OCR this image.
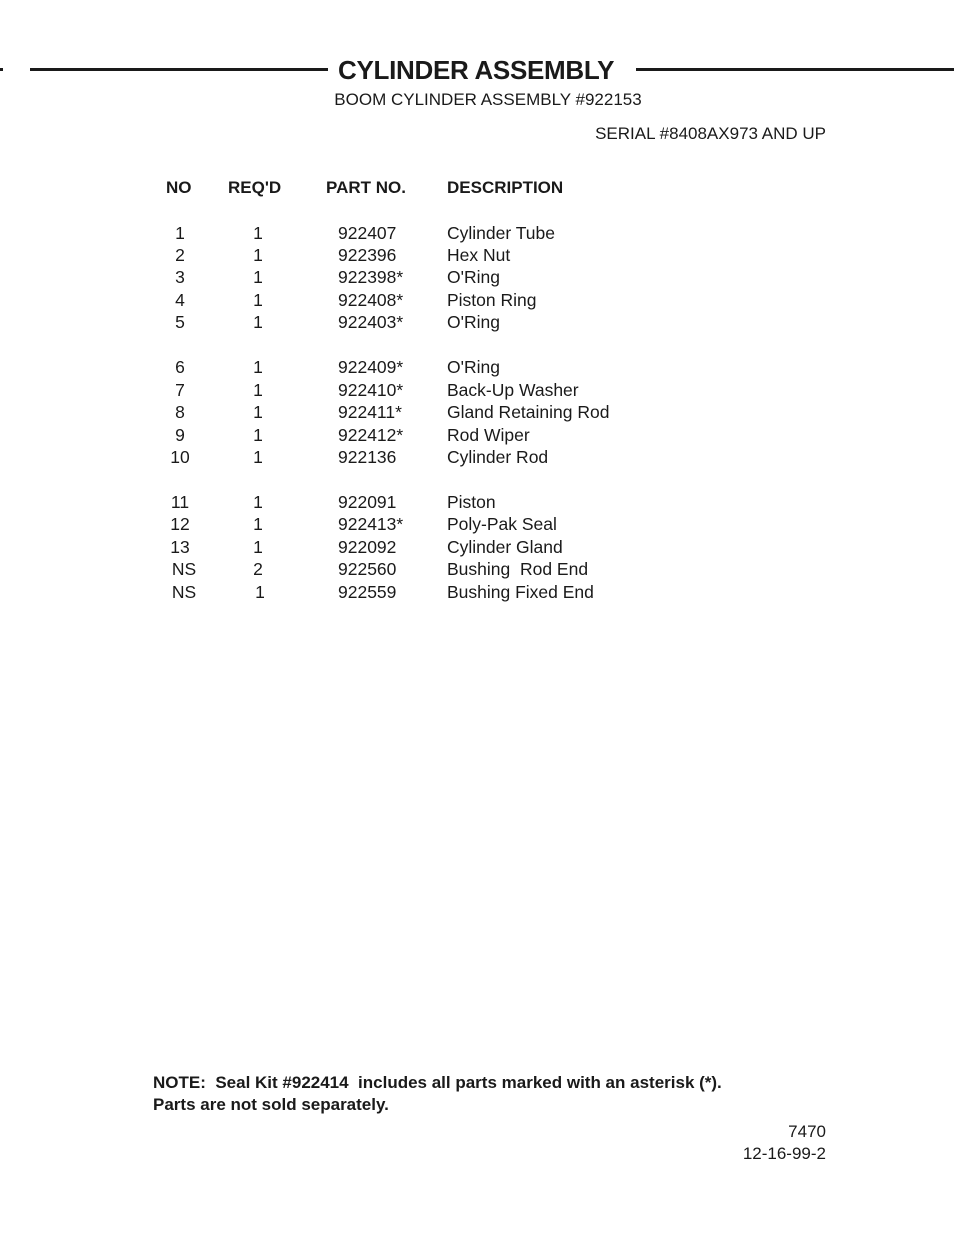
CYLINDER ASSEMBLY
BOOM CYLINDER ASSEMBLY #922153
SERIAL #8408AX973 AND UP
NO REQ'D	PART NO. DESCRIPTION
1	1	922407	Cylinder Tube
2	1	922396	Hex Nut
3	1	922398*	O'Ring
4	1	922408*	Piston Ring
5	1	922403*	O'Ring
6	1	922409*	O'Ring
7	1	922410*	Back-Up Washer
8	1	922411*	Gland Retaining Rod
9	1	922412*	Rod Wiper
10	1	922136	Cylinder Rod
11	1	922091	Piston
12	1	922413*	Poly-Pak Seal
13	1	922092	Cylinder Gland
NS	2	922560	Bushing  Rod End
NS	1	922559	Bushing Fixed End
NOTE:  Seal Kit #922414  includes all parts marked with an asterisk (*).
Parts are not sold separately.
7470
12-16-99-2
